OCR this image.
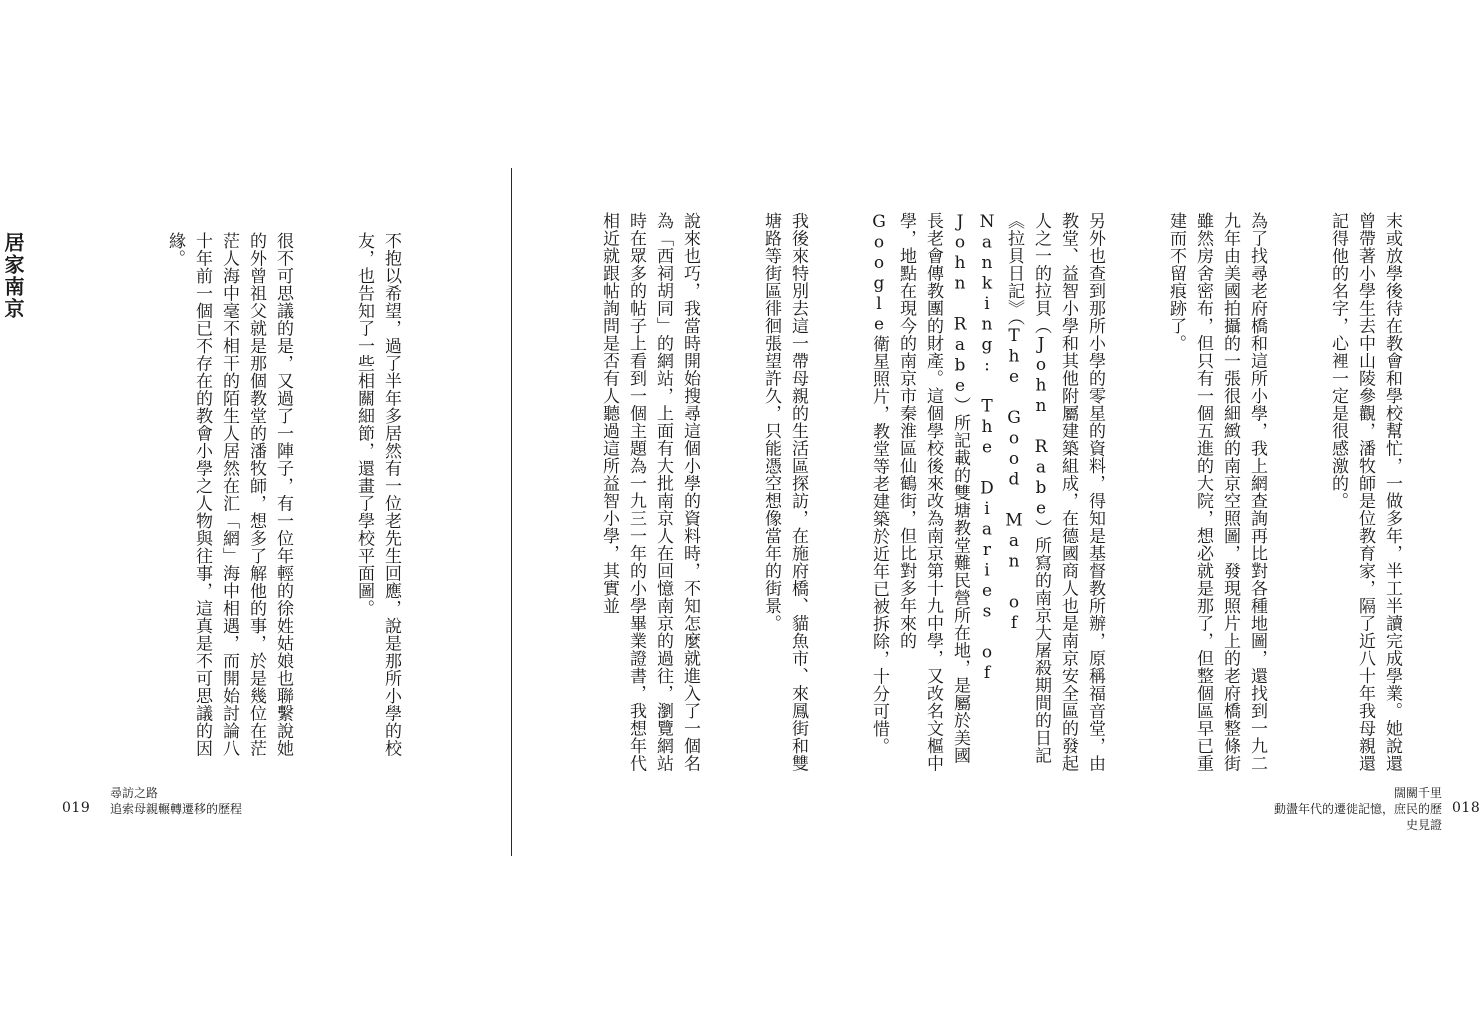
不抱以希望，過了半年多居然有一位老先生回應，說是那所小學的校友，也告知了一些相關細節，還畫了學校平面圖。

很不可思議的是，又過了一陣子，有一位年輕的徐姓姑娘也聯繫說她的外曾祖父就是那個教堂的潘牧師，想多了解他的事，於是幾位在茫茫人海中毫不相干的陌生人居然在汇「網」海中相遇，而開始討論八十年前一個已不存在的教會小學之人物與往事，這真是不可思議的因緣。

居家南京

尋訪之路
追索母親輾轉遷移的歷程
019

末或放學後待在教會和學校幫忙，一做多年，半工半讀完成學業。她說還曾帶著小學生去中山陵參觀，潘牧師是位教育家，隔了近八十年我母親還記得他的名字，心裡一定是很感激的。

為了找尋老府橋和這所小學，我上網查詢再比對各種地圖，還找到一九二九年由美國拍攝的一張很細緻的南京空照圖，發現照片上的老府橋整條街雖然房舍密布，但只有一個五進的大院，想必就是那了，但整個區早已重建而不留痕跡了。

另外也查到那所小學的零星的資料，得知是基督教所辦，原稱福音堂，由教堂、益智小學和其他附屬建築組成，在德國商人也是南京安全區的發起人之一的拉貝（John Rabe）所寫的南京大屠殺期間的日記《拉貝日記》（The Good Man of Nanking: The Diaries of John Rabe）所記載的雙塘教堂難民營所在地，是屬於美國長老會傳教團的財產。這個學校後來改為南京第十九中學，又改名文樞中學，地點在現今的南京市秦淮區仙鶴街，但比對多年來的Google衛星照片，教堂等老建築於近年已被拆除，十分可惜。

我後來特別去這一帶母親的生活區探訪，在施府橋、貓魚市、來鳳街和雙塘路等街區徘徊張望許久，只能憑空想像當年的街景。

說來也巧，我當時開始搜尋這個小學的資料時，不知怎麼就進入了一個名為「西祠胡同」的網站，上面有大批南京人在回憶南京的過往，瀏覽網站時在眾多的帖子上看到一個主題為一九三一年的小學畢業證書，我想年代相近就跟帖詢問是否有人聽過這所益智小學，其實並

闊關千里
動盪年代的遷徙記憶，庶民的歷史見證
018
